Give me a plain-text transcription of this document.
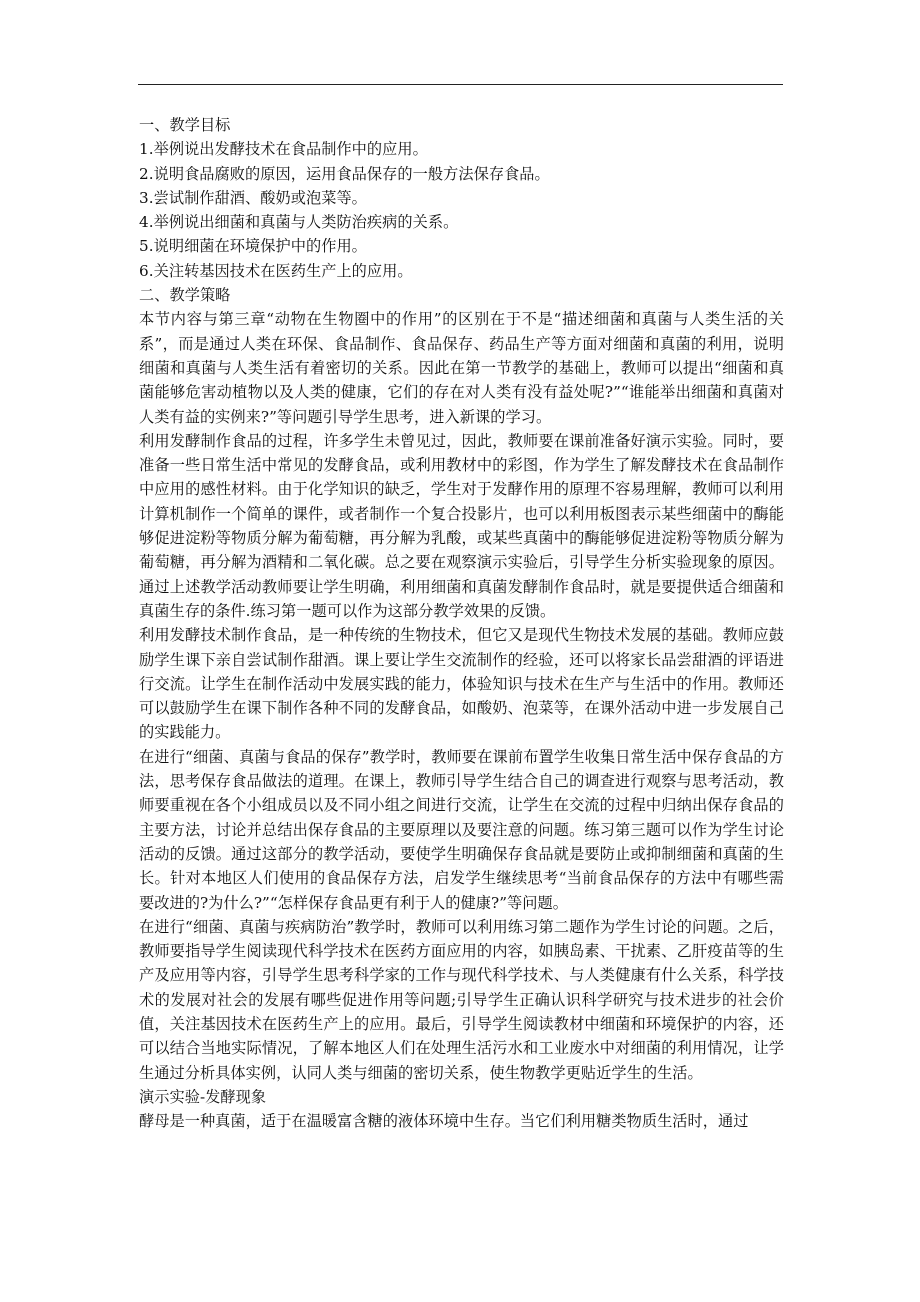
一、教学目标

1.举例说出发酵技术在食品制作中的应用。

2.说明食品腐败的原因，运用食品保存的一般方法保存食品。

3.尝试制作甜酒、酸奶或泡菜等。

4.举例说出细菌和真菌与人类防治疾病的关系。

5.说明细菌在环境保护中的作用。

6.关注转基因技术在医药生产上的应用。

二、教学策略

本节内容与第三章“动物在生物圈中的作用”的区别在于不是“描述细菌和真菌与人类生活的关系”，而是通过人类在环保、食品制作、食品保存、药品生产等方面对细菌和真菌的利用，说明细菌和真菌与人类生活有着密切的关系。因此在第一节教学的基础上，教师可以提出“细菌和真菌能够危害动植物以及人类的健康，它们的存在对人类有没有益处呢?”“谁能举出细菌和真菌对人类有益的实例来?”等问题引导学生思考，进入新课的学习。

利用发酵制作食品的过程，许多学生未曾见过，因此，教师要在课前准备好演示实验。同时，要准备一些日常生活中常见的发酵食品，或利用教材中的彩图，作为学生了解发酵技术在食品制作中应用的感性材料。由于化学知识的缺乏，学生对于发酵作用的原理不容易理解，教师可以利用计算机制作一个简单的课件，或者制作一个复合投影片，也可以利用板图表示某些细菌中的酶能够促进淀粉等物质分解为葡萄糖，再分解为乳酸，或某些真菌中的酶能够促进淀粉等物质分解为葡萄糖，再分解为酒精和二氧化碳。总之要在观察演示实验后，引导学生分析实验现象的原因。通过上述教学活动教师要让学生明确，利用细菌和真菌发酵制作食品时，就是要提供适合细菌和真菌生存的条件.练习第一题可以作为这部分教学效果的反馈。

利用发酵技术制作食品，是一种传统的生物技术，但它又是现代生物技术发展的基础。教师应鼓励学生课下亲自尝试制作甜酒。课上要让学生交流制作的经验，还可以将家长品尝甜酒的评语进行交流。让学生在制作活动中发展实践的能力，体验知识与技术在生产与生活中的作用。教师还可以鼓励学生在课下制作各种不同的发酵食品，如酸奶、泡菜等，在课外活动中进一步发展自己的实践能力。

在进行“细菌、真菌与食品的保存”教学时，教师要在课前布置学生收集日常生活中保存食品的方法，思考保存食品做法的道理。在课上，教师引导学生结合自己的调查进行观察与思考活动，教师要重视在各个小组成员以及不同小组之间进行交流，让学生在交流的过程中归纳出保存食品的主要方法，讨论并总结出保存食品的主要原理以及要注意的问题。练习第三题可以作为学生讨论活动的反馈。通过这部分的教学活动，要使学生明确保存食品就是要防止或抑制细菌和真菌的生长。针对本地区人们使用的食品保存方法，启发学生继续思考“当前食品保存的方法中有哪些需要改进的?为什么?”“怎样保存食品更有利于人的健康?”等问题。

在进行“细菌、真菌与疾病防治”教学时，教师可以利用练习第二题作为学生讨论的问题。之后，教师要指导学生阅读现代科学技术在医药方面应用的内容，如胰岛素、干扰素、乙肝疫苗等的生产及应用等内容，引导学生思考科学家的工作与现代科学技术、与人类健康有什么关系，科学技术的发展对社会的发展有哪些促进作用等问题;引导学生正确认识科学研究与技术进步的社会价值，关注基因技术在医药生产上的应用。最后，引导学生阅读教材中细菌和环境保护的内容，还可以结合当地实际情况，了解本地区人们在处理生活污水和工业废水中对细菌的利用情况，让学生通过分析具体实例，认同人类与细菌的密切关系，使生物教学更贴近学生的生活。

演示实验-发酵现象

酵母是一种真菌，适于在温暖富含糖的液体环境中生存。当它们利用糖类物质生活时，通过
